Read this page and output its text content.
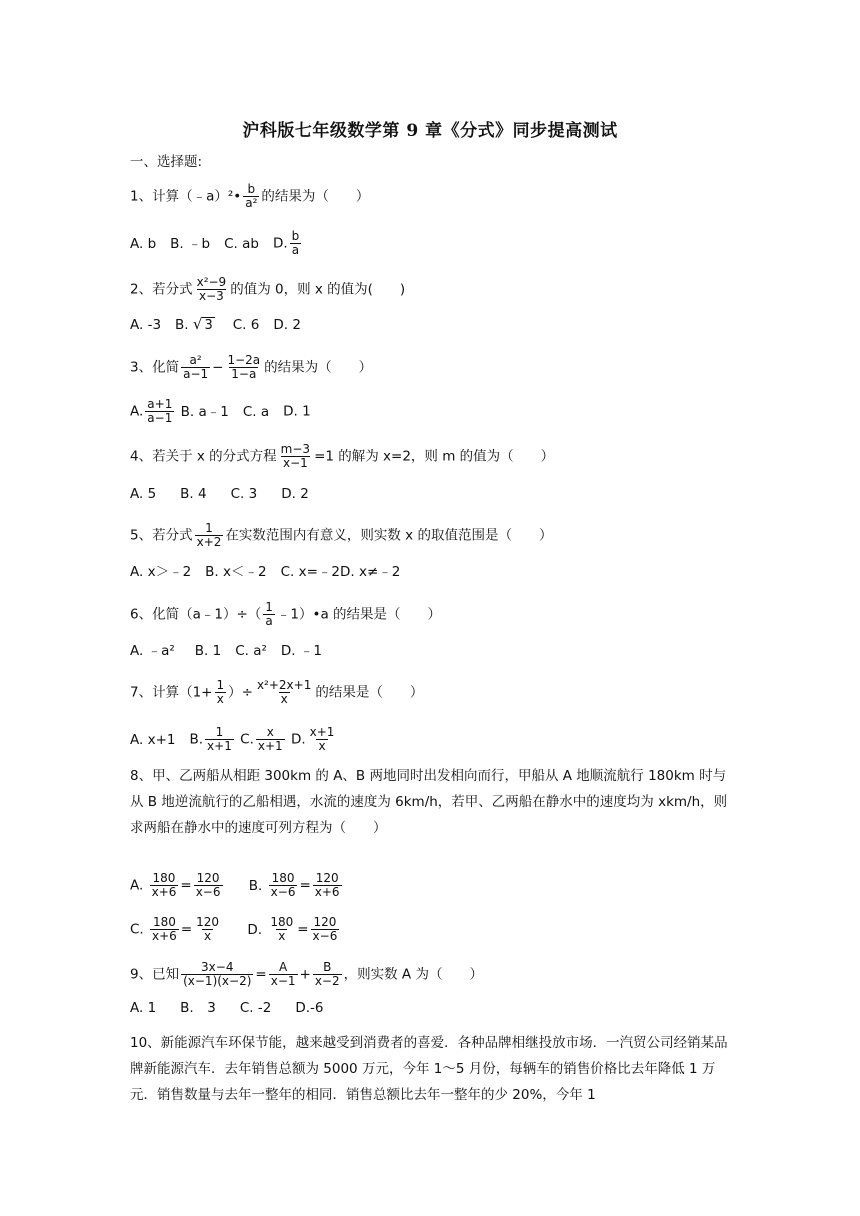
沪科版七年级数学第 9 章《分式》同步提高测试
一、选择题:
1、计算（﹣a）²• $\frac{b}{\text{a²}}$ 的结果为（　　）
A. b B. ﹣b C. ab D. $\frac{b}{a}$
2、若分式 $\frac{\text{x²−9}}{x-3}$ 的值为 0，则 x 的值为(　　)
A. -3 B. √ 3 C. 6 D. 2
3、化简 $\frac{\text{a²}}{a-1} - \frac{1-2a}{1-a}$ 的结果为（　　）
A. $\frac{a+1}{a-1} B$. a﹣1 C. a D. 1
4、若关于 x 的分式方程 $\frac{m-3}{x-1} =1$ 的解为 x=2，则 m 的值为（　　）
A. 5 B. 4 C. 3 D. 2
5、若分式 $\frac{1}{x+2}$ 在实数范围内有意义，则实数 x 的取值范围是（　　）
A. x＞﹣2 B. x＜﹣2 C. x=﹣2D. x≠﹣2
6、化简（a﹣1）÷（ $\frac{1}{a}$ ﹣1）•a 的结果是（　　）
A. ﹣a² B. 1 C. a² D. ﹣1
7、计算（$1+ \frac{1}{x}$ ）÷ $\frac{\text{x²+2x+1}}{x}$ 的结果是（　　）
A. x+1 B. $\frac{1}{x+1} C$. $\frac{x}{x+1} D$. $\frac{x+1}{x}$
8、甲、乙两船从相距 300km 的 A、B 两地同时出发相向而行，甲船从 A 地顺流航行 180km 时与从 B 地逆流航行的乙船相遇，水流的速度为 6km/h，若甲、乙两船在静水中的速度均为 xkm/h，则求两船在静水中的速度可列方程为（　　）
A. $\frac{180}{x+6} = \frac{120}{x-6} B$. $\frac{180}{x-6} = \frac{120}{x+6}$
C. $\frac{180}{x+6} = \frac{120}{x} D$. $\frac{180}{x} = \frac{120}{x-6}$
9、已知 $\frac{3x-4}{(x-1)(x-2)} = \frac{A}{x-1} + \frac{B}{x-2}$ ，则实数 A 为（　　）
A. 1 B.　3 C. -2 D.-6
10、新能源汽车环保节能，越来越受到消费者的喜爱．各种品牌相继投放市场．一汽贸公司经销某品牌新能源汽车．去年销售总额为 5000 万元，今年 1～5 月份，每辆车的销售价格比去年降低 1 万元．销售数量与去年一整年的相同．销售总额比去年一整年的少 20%，今年 1
